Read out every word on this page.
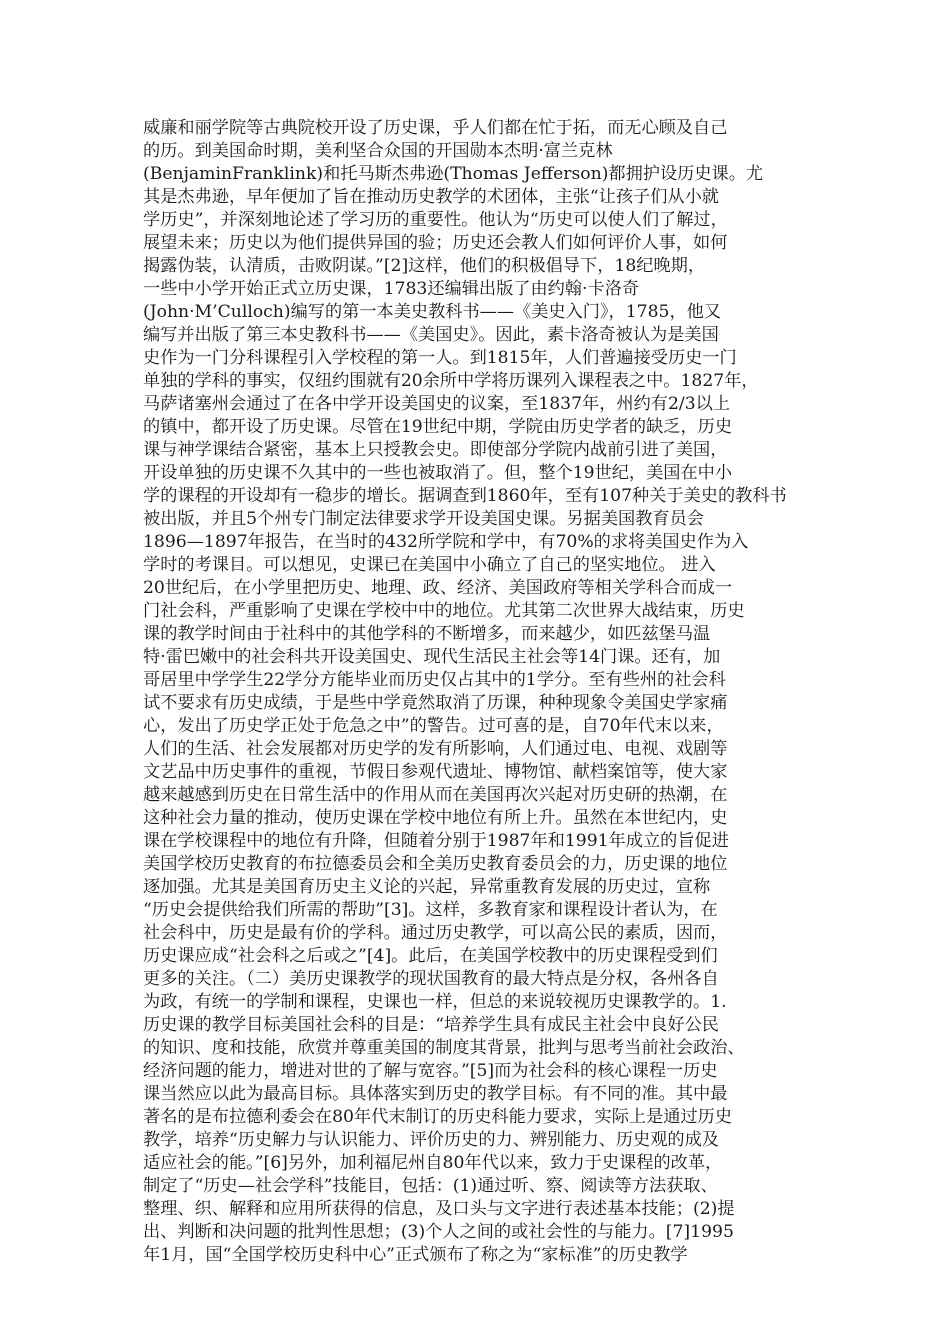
威廉和丽学院等古典院校开设了历史课，乎人们都在忙于拓，而无心顾及自己
的历。到美国命时期，美利坚合众国的开国勋本杰明·富兰克林
(BenjaminFranklink)和托马斯杰弗逊(Thomas Jefferson)都拥护设历史课。尤
其是杰弗逊，早年便加了旨在推动历史教学的术团体，主张“让孩子们从小就
学历史”，并深刻地论述了学习历的重要性。他认为“历史可以使人们了解过，
展望未来；历史以为他们提供异国的验；历史还会教人们如何评价人事，如何
揭露伪装，认清质，击败阴谋。”[2]这样，他们的积极倡导下，18纪晚期，
一些中小学开始正式立历史课，1783还编辑出版了由约翰·卡洛奇
(John·M’Culloch)编写的第一本美史教科书——《美史入门》，1785，他又
编写并出版了第三本史教科书——《美国史》。因此，素卡洛奇被认为是美国
史作为一门分科课程引入学校程的第一人。到1815年，人们普遍接受历史一门
单独的学科的事实，仅纽约围就有20余所中学将历课列入课程表之中。1827年，
马萨诸塞州会通过了在各中学开设美国史的议案，至1837年，州约有2/3以上
的镇中，都开设了历史课。尽管在19世纪中期，学院由历史学者的缺乏，历史
课与神学课结合紧密，基本上只授教会史。即使部分学院内战前引进了美国，
开设单独的历史课不久其中的一些也被取消了。但，整个19世纪，美国在中小
学的课程的开设却有一稳步的增长。据调查到1860年，至有107种关于美史的教科书
被出版，并且5个州专门制定法律要求学开设美国史课。另据美国教育员会
1896—1897年报告，在当时的432所学院和学中，有70%的求将美国史作为入
学时的考课目。可以想见，史课已在美国中小确立了自己的坚实地位。 进入
20世纪后，在小学里把历史、地理、政、经济、美国政府等相关学科合而成一
门社会科，严重影响了史课在学校中中的地位。尤其第二次世界大战结束，历史
课的教学时间由于社科中的其他学科的不断增多，而来越少，如匹兹堡马温
特·雷巴嫩中的社会科共开设美国史、现代生活民主社会等14门课。还有，加
哥居里中学学生22学分方能毕业而历史仅占其中的1学分。至有些州的社会科
试不要求有历史成绩，于是些中学竟然取消了历课，种种现象令美国史学家痛
心，发出了历史学正处于危急之中”的警告。过可喜的是，自70年代末以来，
人们的生活、社会发展都对历史学的发有所影响，人们通过电、电视、戏剧等
文艺品中历史事件的重视，节假日参观代遗址、博物馆、献档案馆等，使大家
越来越感到历史在日常生活中的作用从而在美国再次兴起对历史研的热潮，在
这种社会力量的推动，使历史课在学校中地位有所上升。虽然在本世纪内，史
课在学校课程中的地位有升降，但随着分别于1987年和1991年成立的旨促进
美国学校历史教育的布拉德委员会和全美历史教育委员会的力，历史课的地位
逐加强。尤其是美国育历史主义论的兴起，异常重教育发展的历史过，宣称
“历史会提供给我们所需的帮助”[3]。这样，多教育家和课程设计者认为，在
社会科中，历史是最有价的学科。通过历史教学，可以高公民的素质，因而，
历史课应成“社会科之后或之”[4]。此后，在美国学校教中的历史课程受到们
更多的关注。（二）美历史课教学的现状国教育的最大特点是分权，各州各自
为政，有统一的学制和课程，史课也一样，但总的来说较视历史课教学的。1.
历史课的教学目标美国社会科的目是：“培养学生具有成民主社会中良好公民
的知识、度和技能，欣赏并尊重美国的制度其背景，批判与思考当前社会政治、
经济问题的能力，增进对世的了解与宽容。”[5]而为社会科的核心课程一历史
课当然应以此为最高目标。具体落实到历史的教学目标。有不同的准。其中最
著名的是布拉德利委会在80年代末制订的历史科能力要求，实际上是通过历史
教学，培养“历史解力与认识能力、评价历史的力、辨别能力、历史观的成及
适应社会的能。”[6]另外，加利福尼州自80年代以来，致力于史课程的改革，
制定了“历史—社会学科”技能目，包括：(1)通过听、察、阅读等方法获取、
整理、织、解释和应用所获得的信息，及口头与文字进行表述基本技能；(2)提
出、判断和决问题的批判性思想；(3)个人之间的或社会性的与能力。[7]1995
年1月，国“全国学校历史科中心”正式颁布了称之为“家标准”的历史教学
